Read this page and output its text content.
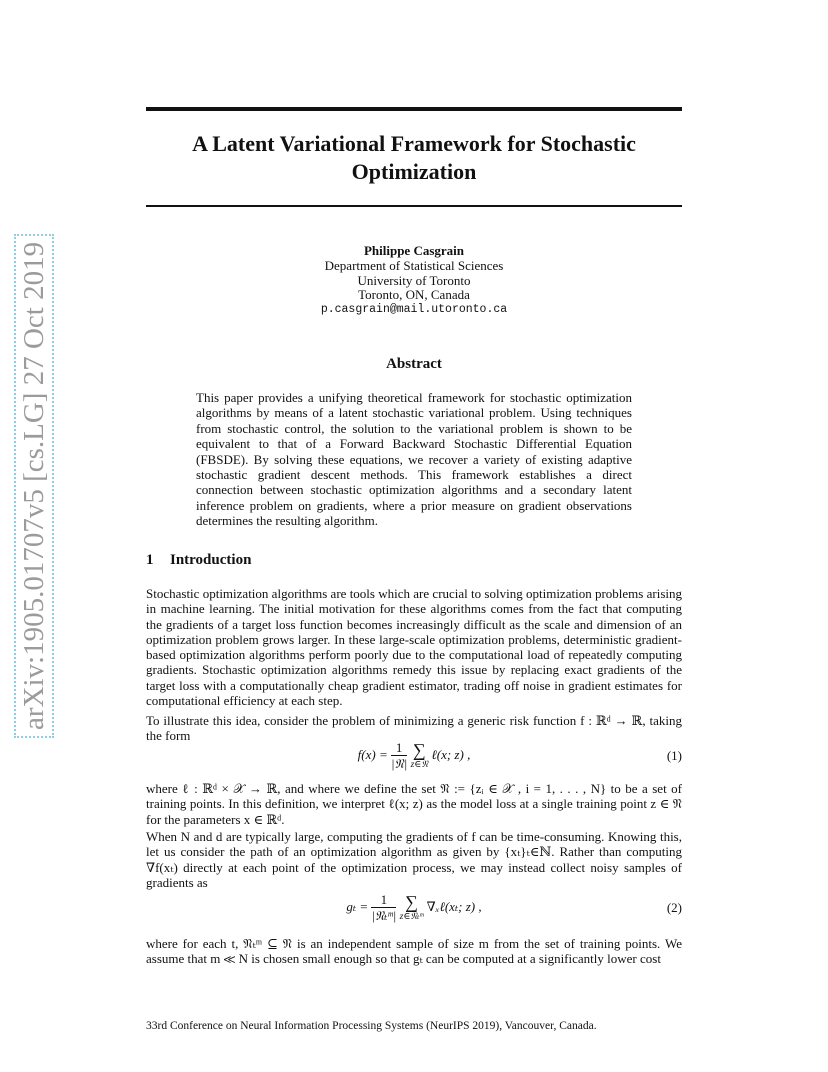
arXiv:1905.01707v5 [cs.LG] 27 Oct 2019
A Latent Variational Framework for Stochastic Optimization
Philippe Casgrain
Department of Statistical Sciences
University of Toronto
Toronto, ON, Canada
p.casgrain@mail.utoronto.ca
Abstract
This paper provides a unifying theoretical framework for stochastic optimization algorithms by means of a latent stochastic variational problem. Using techniques from stochastic control, the solution to the variational problem is shown to be equivalent to that of a Forward Backward Stochastic Differential Equation (FBSDE). By solving these equations, we recover a variety of existing adaptive stochastic gradient descent methods. This framework establishes a direct connection between stochastic optimization algorithms and a secondary latent inference problem on gradients, where a prior measure on gradient observations determines the resulting algorithm.
1 Introduction
Stochastic optimization algorithms are tools which are crucial to solving optimization problems arising in machine learning. The initial motivation for these algorithms comes from the fact that computing the gradients of a target loss function becomes increasingly difficult as the scale and dimension of an optimization problem grows larger. In these large-scale optimization problems, deterministic gradient-based optimization algorithms perform poorly due to the computational load of repeatedly computing gradients. Stochastic optimization algorithms remedy this issue by replacing exact gradients of the target loss with a computationally cheap gradient estimator, trading off noise in gradient estimates for computational efficiency at each step.
To illustrate this idea, consider the problem of minimizing a generic risk function f : ℝᵈ → ℝ, taking the form
$f(x) = \frac{1}{\text{|𝔑|}}$
∑
z∈𝔑
ℓ(x; z) ,	(1)
where ℓ : ℝᵈ × 𝒳 → ℝ, and where we define the set 𝔑 := {zᵢ ∈ 𝒳 , i = 1, . . . , N} to be a set of training points. In this definition, we interpret ℓ(x; z) as the model loss at a single training point z ∈ 𝔑 for the parameters x ∈ ℝᵈ.
When N and d are typically large, computing the gradients of f can be time-consuming. Knowing this, let us consider the path of an optimization algorithm as given by {xₜ}ₜ∈ℕ. Rather than computing ∇f(xₜ) directly at each point of the optimization process, we may instead collect noisy samples of gradients as
$g_t = \frac{1}{\text{|𝔑ₜᵐ|}}$
∑
z∈𝔑ₜᵐ
∇ₓℓ(xₜ; z) ,	(2)
where for each t, 𝔑ₜᵐ ⊆ 𝔑 is an independent sample of size m from the set of training points. We assume that m ≪ N is chosen small enough so that gₜ can be computed at a significantly lower cost
33rd Conference on Neural Information Processing Systems (NeurIPS 2019), Vancouver, Canada.
